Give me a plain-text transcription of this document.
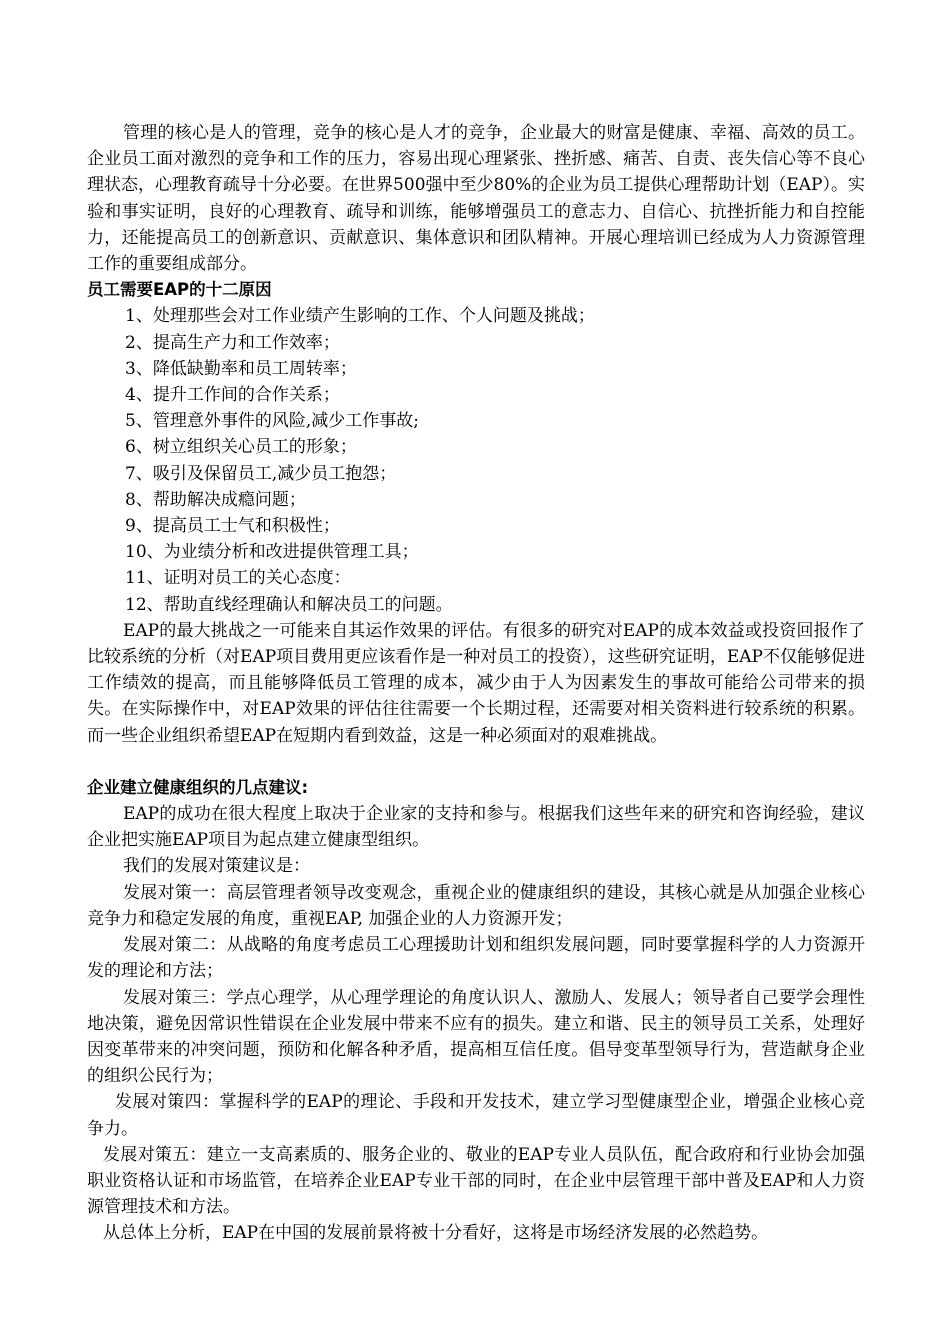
管理的核心是人的管理，竞争的核心是人才的竞争，企业最大的财富是健康、幸福、高效的员工。企业员工面对激烈的竞争和工作的压力，容易出现心理紧张、挫折感、痛苦、自责、丧失信心等不良心理状态，心理教育疏导十分必要。在世界500强中至少80%的企业为员工提供心理帮助计划（EAP）。实验和事实证明，良好的心理教育、疏导和训练，能够增强员工的意志力、自信心、抗挫折能力和自控能力，还能提高员工的创新意识、贡献意识、集体意识和团队精神。开展心理培训已经成为人力资源管理工作的重要组成部分。

员工需要EAP的十二原因

1、处理那些会对工作业绩产生影响的工作、个人问题及挑战；
2、提高生产力和工作效率；
3、降低缺勤率和员工周转率；
4、提升工作间的合作关系；
5、管理意外事件的风险,减少工作事故;
6、树立组织关心员工的形象；
7、吸引及保留员工,减少员工抱怨；
8、帮助解决成瘾问题；
9、提高员工士气和积极性；
10、为业绩分析和改进提供管理工具；
11、证明对员工的关心态度：
12、帮助直线经理确认和解决员工的问题。

EAP的最大挑战之一可能来自其运作效果的评估。有很多的研究对EAP的成本效益或投资回报作了比较系统的分析（对EAP项目费用更应该看作是一种对员工的投资），这些研究证明，EAP不仅能够促进工作绩效的提高，而且能够降低员工管理的成本，减少由于人为因素发生的事故可能给公司带来的损失。在实际操作中，对EAP效果的评估往往需要一个长期过程，还需要对相关资料进行较系统的积累。而一些企业组织希望EAP在短期内看到效益，这是一种必须面对的艰难挑战。

企业建立健康组织的几点建议:

EAP的成功在很大程度上取决于企业家的支持和参与。根据我们这些年来的研究和咨询经验，建议企业把实施EAP项目为起点建立健康型组织。

我们的发展对策建议是：

发展对策一：高层管理者领导改变观念，重视企业的健康组织的建设，其核心就是从加强企业核心竞争力和稳定发展的角度，重视EAP, 加强企业的人力资源开发；

发展对策二：从战略的角度考虑员工心理援助计划和组织发展问题，同时要掌握科学的人力资源开发的理论和方法；

发展对策三：学点心理学，从心理学理论的角度认识人、激励人、发展人；领导者自己要学会理性地决策，避免因常识性错误在企业发展中带来不应有的损失。建立和谐、民主的领导员工关系，处理好因变革带来的冲突问题，预防和化解各种矛盾，提高相互信任度。倡导变革型领导行为，营造献身企业的组织公民行为；

发展对策四：掌握科学的EAP的理论、手段和开发技术，建立学习型健康型企业，增强企业核心竞争力。

发展对策五：建立一支高素质的、服务企业的、敬业的EAP专业人员队伍，配合政府和行业协会加强职业资格认证和市场监管，在培养企业EAP专业干部的同时，在企业中层管理干部中普及EAP和人力资源管理技术和方法。

从总体上分析，EAP在中国的发展前景将被十分看好，这将是市场经济发展的必然趋势。
